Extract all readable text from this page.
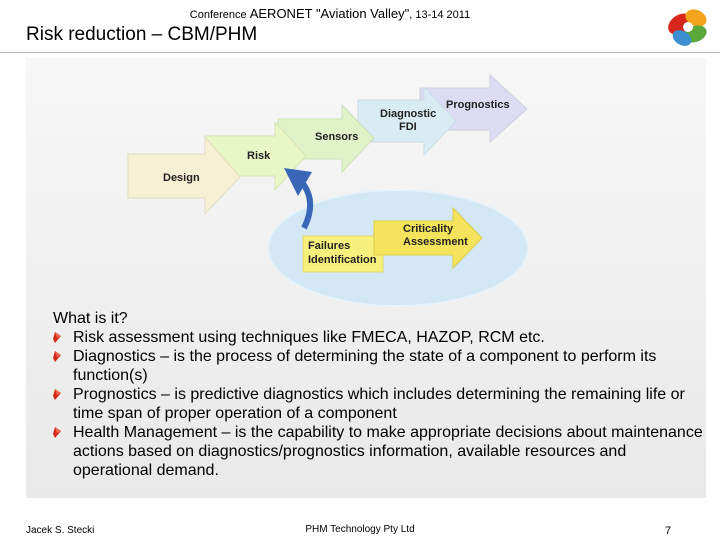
Conference AERONET "Aviation Valley", 13-14 2011
Risk reduction – CBM/PHM
Design
Risk
Sensors
Diagnostic
FDI
Prognostics
Failures
Identification
Criticality
Assessment

What is it?

Risk assessment using techniques like FMECA, HAZOP, RCM etc.
Diagnostics – is the process of determining the state of a component to perform its function(s)
Prognostics – is predictive diagnostics which includes determining the remaining life or time span of proper operation of a component
Health Management – is the capability to make appropriate decisions about maintenance actions based on diagnostics/prognostics information, available resources and operational demand.
Jacek S. Stecki	PHM Technology Pty Ltd	7
